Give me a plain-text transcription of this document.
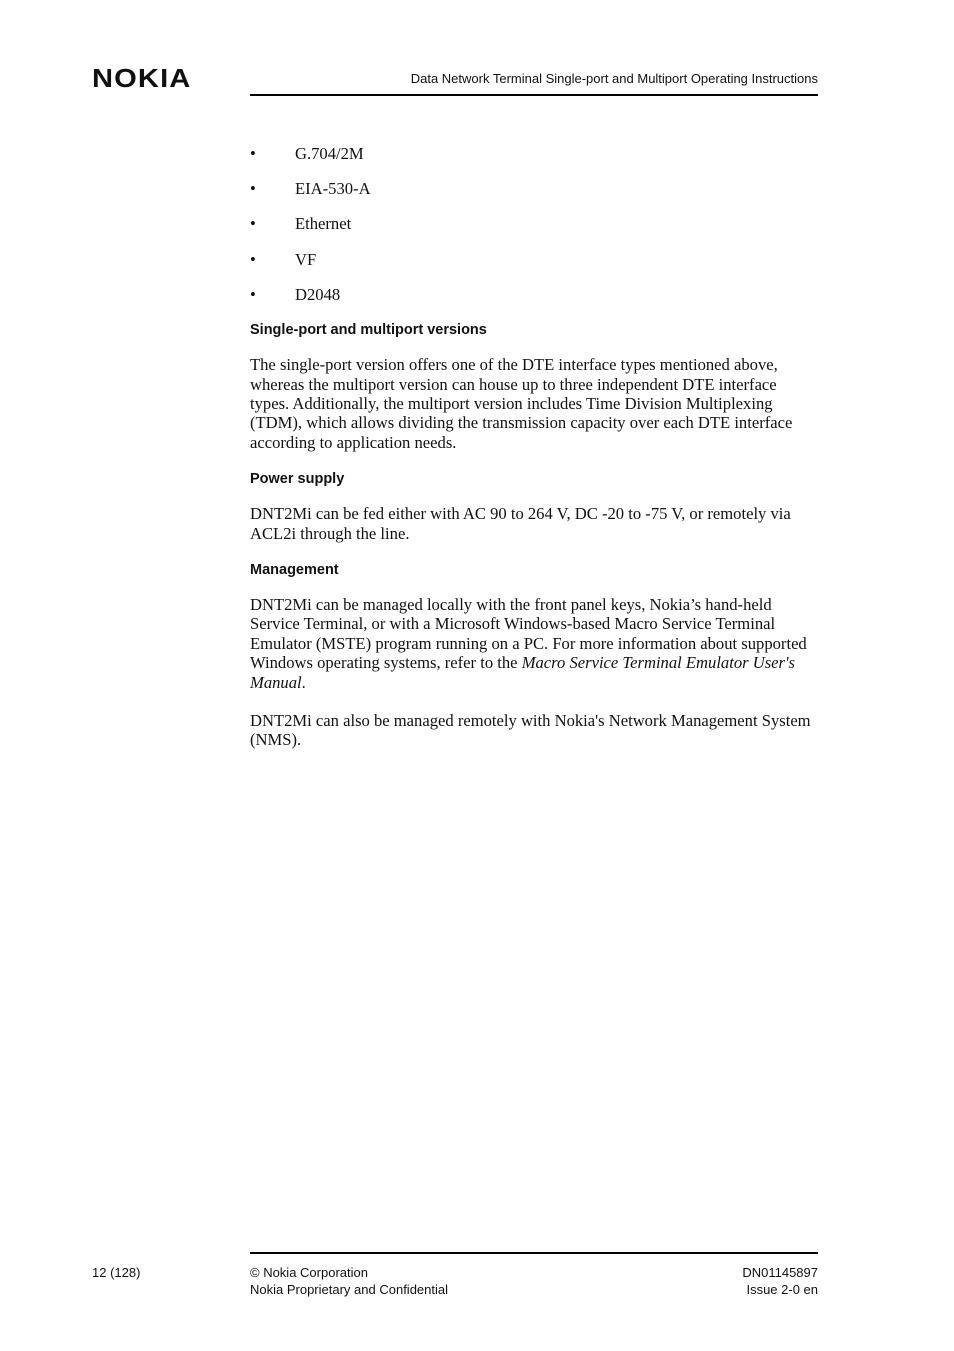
NOKIA	Data Network Terminal Single-port and Multiport Operating Instructions
• G.704/2M
• EIA-530-A
• Ethernet
• VF
• D2048
Single-port and multiport versions

The single-port version offers one of the DTE interface types mentioned above, whereas the multiport version can house up to three independent DTE interface types. Additionally, the multiport version includes Time Division Multiplexing (TDM), which allows dividing the transmission capacity over each DTE interface according to application needs.

Power supply

DNT2Mi can be fed either with AC 90 to 264 V, DC -20 to -75 V, or remotely via ACL2i through the line.

Management

DNT2Mi can be managed locally with the front panel keys, Nokia’s hand-held Service Terminal, or with a Microsoft Windows-based Macro Service Terminal Emulator (MSTE) program running on a PC. For more information about supported Windows operating systems, refer to the Macro Service Terminal Emulator User's Manual.

DNT2Mi can also be managed remotely with Nokia's Network Management System (NMS).

12 (128)	© Nokia Corporation
Nokia Proprietary and Confidential
DN01145897
Issue 2-0 en
